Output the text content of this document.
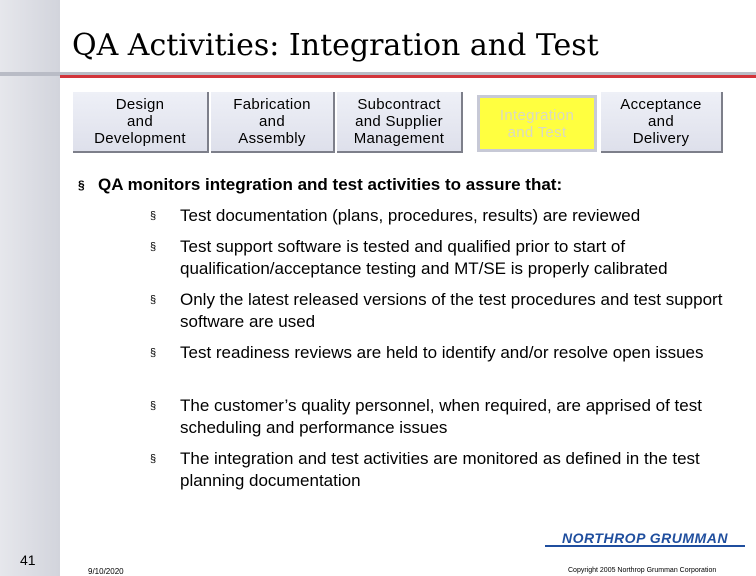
QA Activities: Integration and Test
Design
and
Development
Fabrication
and
Assembly
Subcontract
and Supplier
Management
Integration
and Test
Acceptance
and
Delivery
§ QA monitors integration and test activities to assure that:
§ Test documentation (plans, procedures, results) are reviewed
§ Test support software is tested and qualified prior to start of qualification/acceptance testing and MT/SE is properly calibrated
§ Only the latest released versions of the test procedures and test support software are used
§ Test readiness reviews are held to identify and/or resolve open issues
§ The customer’s quality personnel, when required, are apprised of test scheduling and performance issues
§ The integration and test activities are monitored as defined in the test planning documentation
41
9/10/2020
NORTHROP GRUMMAN
Copyright 2005 Northrop Grumman Corporation
